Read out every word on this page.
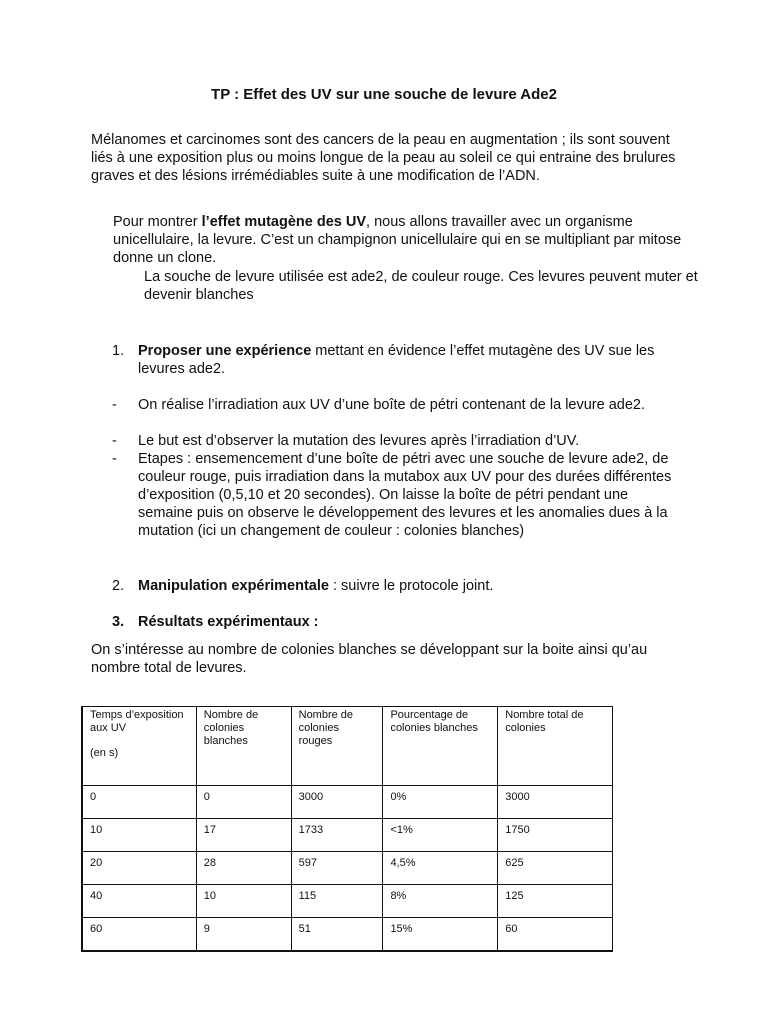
TP : Effet des UV sur une souche de levure Ade2
Mélanomes et carcinomes sont des cancers de la peau en augmentation ; ils sont souvent liés à une exposition plus ou moins longue de la peau au soleil ce qui entraine des brulures graves et des lésions irrémédiables suite à une modification de l’ADN.
Pour montrer l’effet mutagène des UV, nous allons travailler avec un organisme unicellulaire, la levure. C’est un champignon unicellulaire qui en se multipliant par mitose donne un clone.
La souche de levure utilisée est ade2, de couleur rouge. Ces levures peuvent muter et devenir blanches
1. Proposer une expérience mettant en évidence l’effet mutagène des UV sue les levures ade2.
- On réalise l’irradiation aux UV d’une boîte de pétri contenant de la levure ade2.
- Le but est d’observer la mutation des levures après l’irradiation d’UV.
- Etapes : ensemencement d’une boîte de pétri avec une souche de levure ade2, de couleur rouge, puis irradiation dans la mutabox aux UV pour des durées différentes d’exposition (0,5,10 et 20 secondes). On laisse la boîte de pétri pendant une semaine puis on observe le développement des levures et les anomalies dues à la mutation (ici un changement de couleur : colonies blanches)
2. Manipulation expérimentale : suivre le protocole joint.
3. Résultats expérimentaux :
On s’intéresse au nombre de colonies blanches se développant sur la boite ainsi qu’au nombre total de levures.
Temps d’exposition aux UV
(en s)	Nombre de colonies blanches	Nombre de colonies rouges	Pourcentage de colonies blanches	Nombre total de colonies
0	0	3000	0%	3000
10	17	1733	<1%	1750
20	28	597	4,5%	625
40	10	115	8%	125
60	9	51	15%	60
